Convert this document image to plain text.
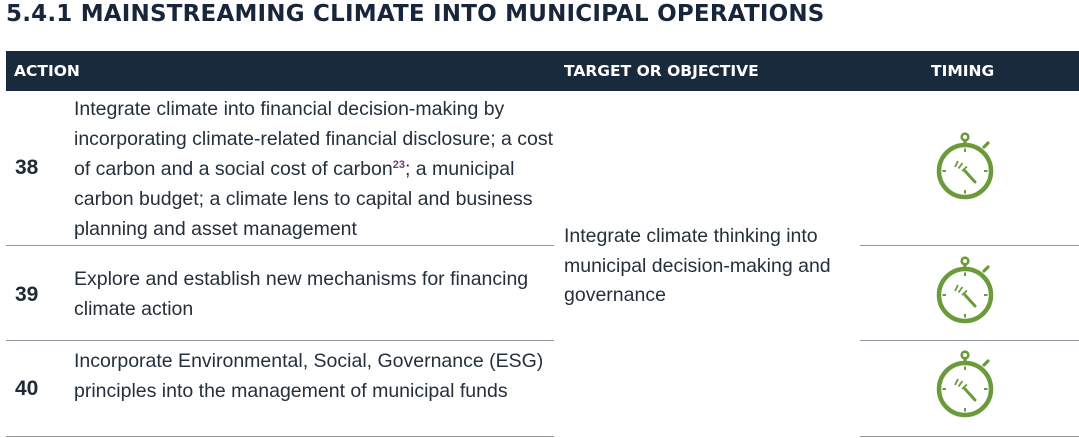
5.4.1 MAINSTREAMING CLIMATE INTO MUNICIPAL OPERATIONS
ACTION	TARGET OR OBJECTIVE	TIMING
38
Integrate climate into financial decision-making by incorporating climate-related financial disclosure; a cost of carbon and a social cost of carbon$^{23}$; a municipal carbon budget; a climate lens to capital and business planning and asset management
39
Explore and establish new mechanisms for financing climate action
40
Incorporate Environmental, Social, Governance (ESG) principles into the management of municipal funds
Integrate climate thinking into municipal decision-making and governance
